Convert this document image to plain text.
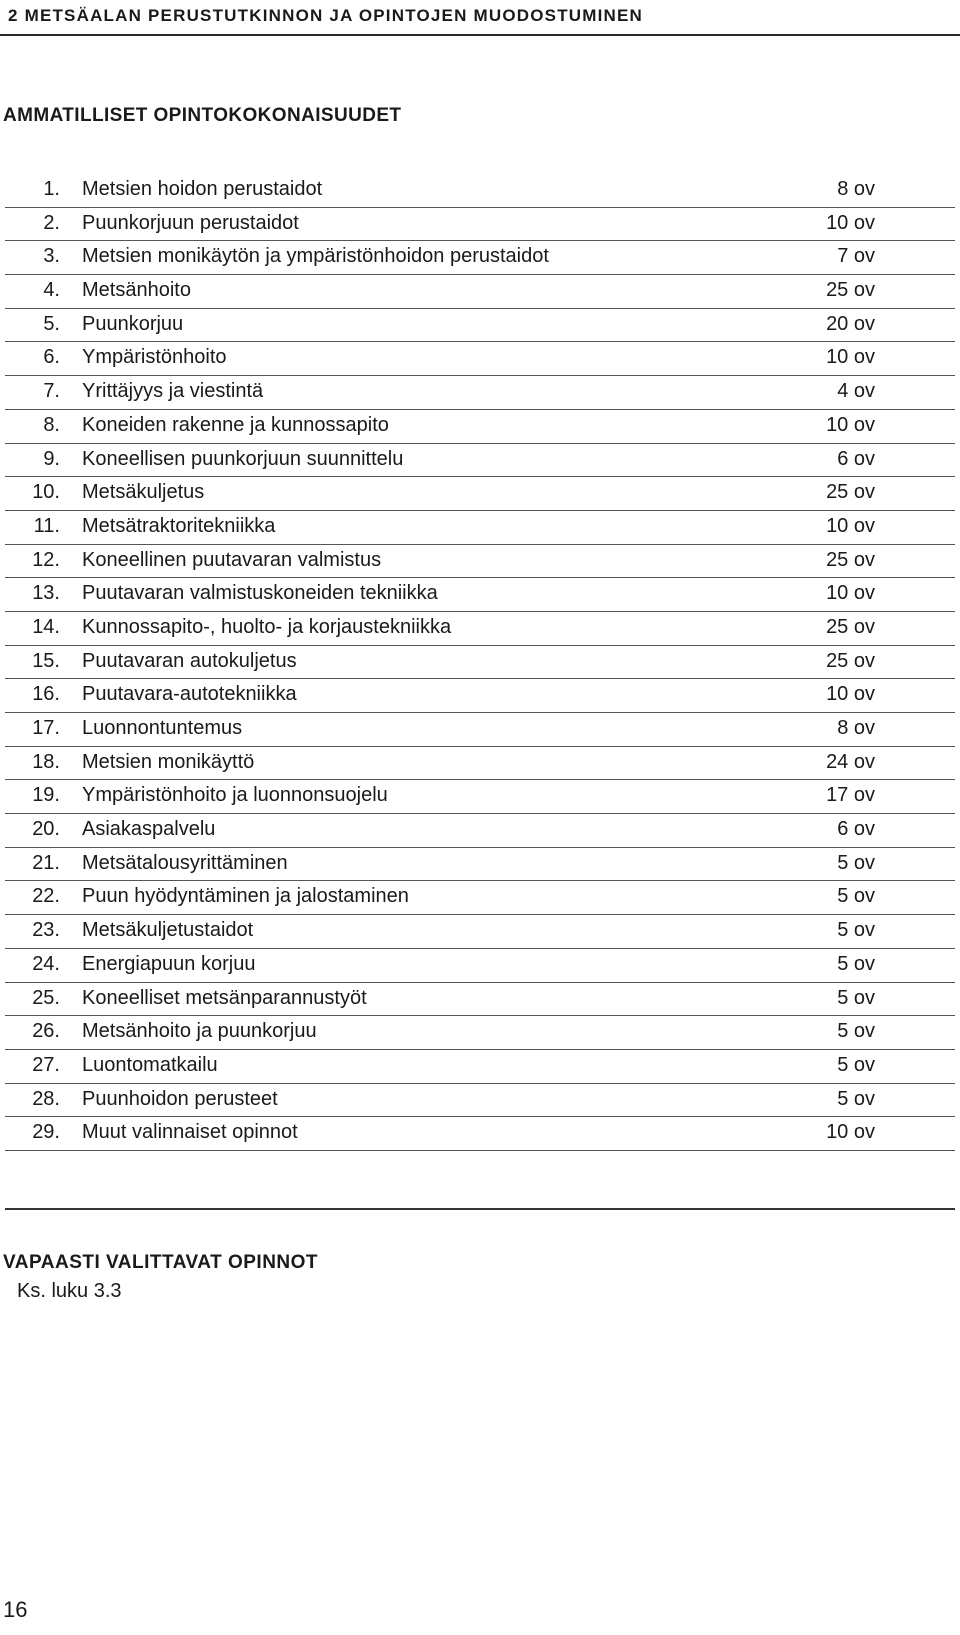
2 METSÄALAN PERUSTUTKINNON JA OPINTOJEN MUODOSTUMINEN
AMMATILLISET OPINTOKOKONAISUUDET
1. Metsien hoidon perustaidot	8 ov
2. Puunkorjuun perustaidot	10 ov
3. Metsien monikäytön ja ympäristönhoidon perustaidot	7 ov
4. Metsänhoito	25 ov
5. Puunkorjuu	20 ov
6. Ympäristönhoito	10 ov
7. Yrittäjyys ja viestintä	4 ov
8. Koneiden rakenne ja kunnossapito	10 ov
9. Koneellisen puunkorjuun suunnittelu	6 ov
10. Metsäkuljetus	25 ov
11. Metsätraktoritekniikka	10 ov
12. Koneellinen puutavaran valmistus	25 ov
13. Puutavaran valmistuskoneiden tekniikka	10 ov
14. Kunnossapito-, huolto- ja korjaustekniikka	25 ov
15. Puutavaran autokuljetus	25 ov
16. Puutavara-autotekniikka	10 ov
17. Luonnontuntemus	8 ov
18. Metsien monikäyttö	24 ov
19. Ympäristönhoito ja luonnonsuojelu	17 ov
20. Asiakaspalvelu	6 ov
21. Metsätalousyrittäminen	5 ov
22. Puun hyödyntäminen ja jalostaminen	5 ov
23. Metsäkuljetustaidot	5 ov
24. Energiapuun korjuu	5 ov
25. Koneelliset metsänparannustyöt	5 ov
26. Metsänhoito ja puunkorjuu	5 ov
27. Luontomatkailu	5 ov
28. Puunhoidon perusteet	5 ov
29. Muut valinnaiset opinnot	10 ov
VAPAASTI VALITTAVAT OPINNOT
Ks. luku 3.3
16
